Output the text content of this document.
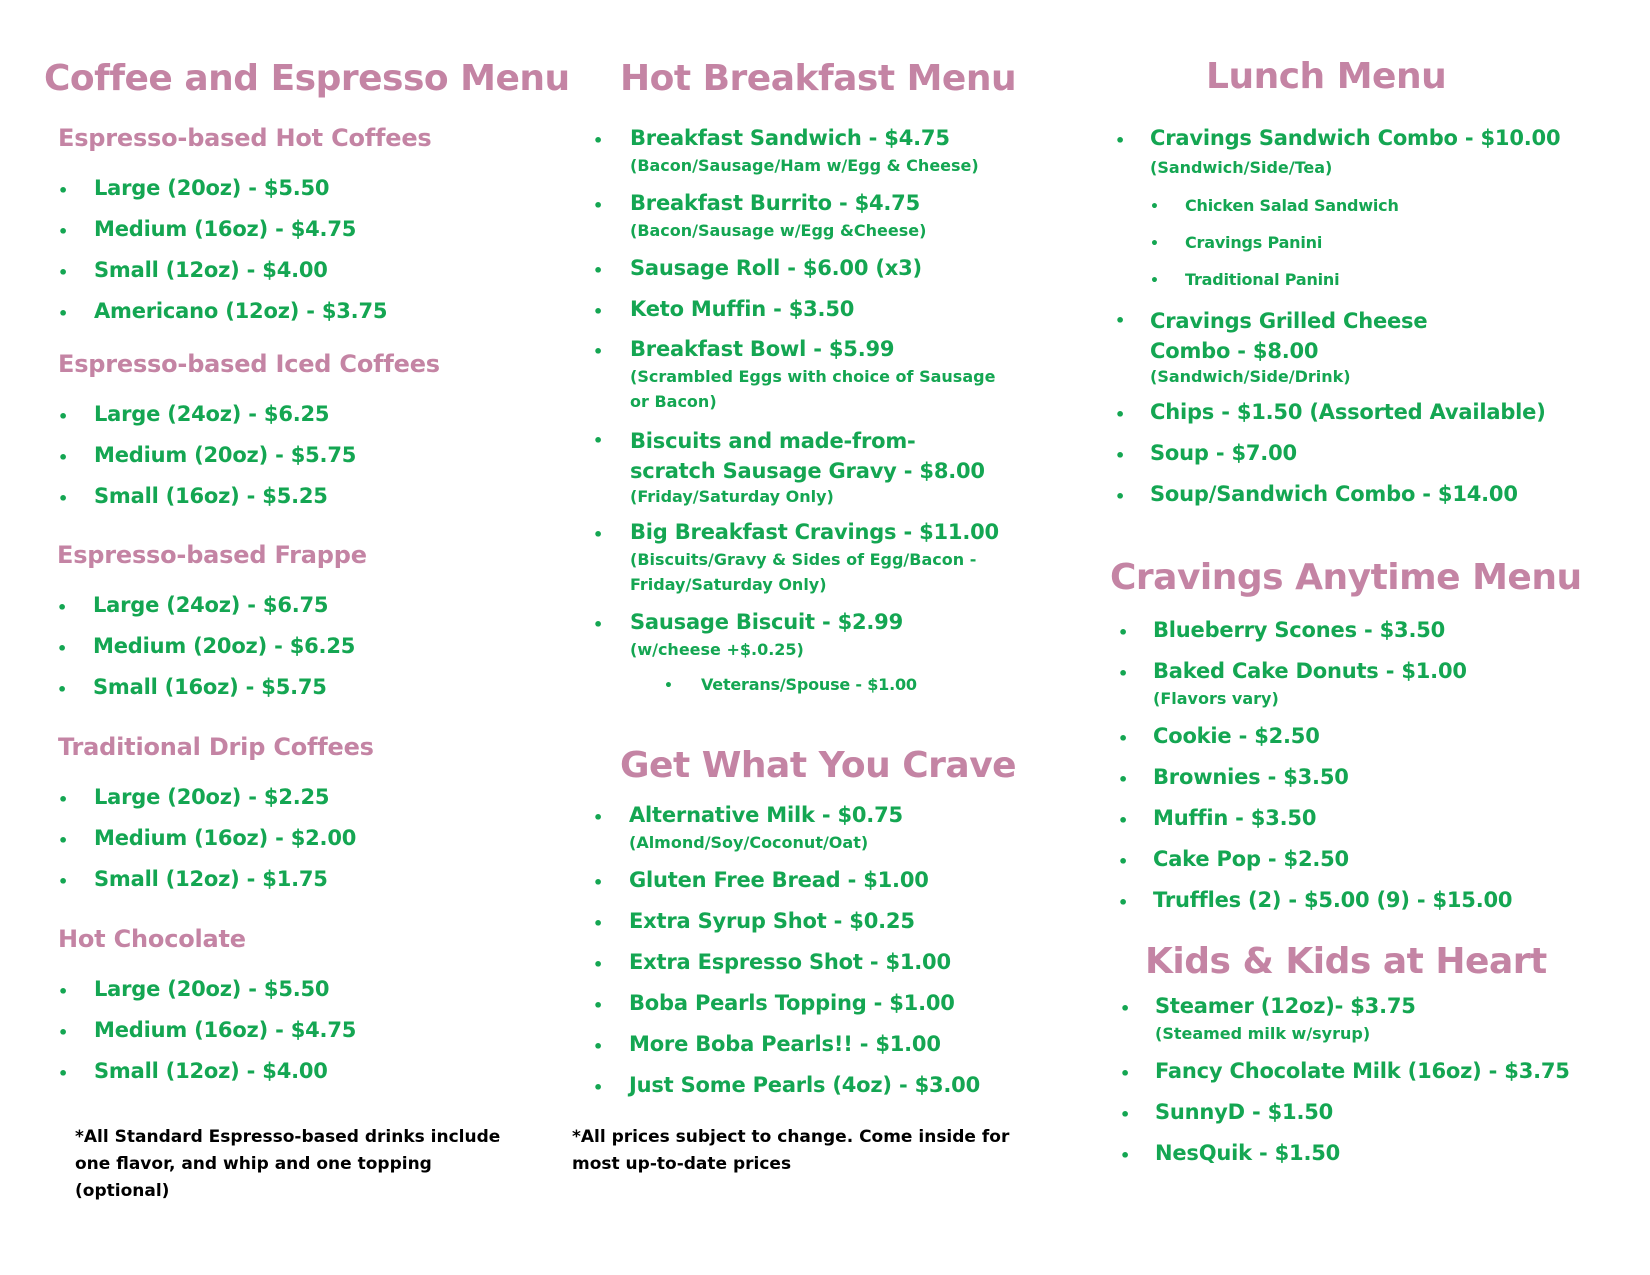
Coffee and Espresso Menu
Espresso-based Hot Coffees
• Large (20oz) - $5.50
• Medium (16oz) - $4.75
• Small (12oz) - $4.00
• Americano (12oz) - $3.75
Espresso-based Iced Coffees
• Large (24oz) - $6.25
• Medium (20oz) - $5.75
• Small (16oz) - $5.25
Espresso-based Frappe
• Large (24oz) - $6.75
• Medium (20oz) - $6.25
• Small (16oz) - $5.75
Traditional Drip Coffees
• Large (20oz) - $2.25
• Medium (16oz) - $2.00
• Small (12oz) - $1.75
Hot Chocolate
• Large (20oz) - $5.50
• Medium (16oz) - $4.75
• Small (12oz) - $4.00
*All Standard Espresso-based drinks include one flavor, and whip and one topping (optional)
Hot Breakfast Menu
• Breakfast Sandwich - $4.75
(Bacon/Sausage/Ham w/Egg & Cheese)
• Breakfast Burrito - $4.75
(Bacon/Sausage w/Egg &Cheese)
• Sausage Roll - $6.00 (x3)
• Keto Muffin - $3.50
• Breakfast Bowl - $5.99
(Scrambled Eggs with choice of Sausage or Bacon)
• Biscuits and made-from-scratch Sausage Gravy - $8.00
(Friday/Saturday Only)
• Big Breakfast Cravings - $11.00
(Biscuits/Gravy & Sides of Egg/Bacon - Friday/Saturday Only)
• Sausage Biscuit - $2.99
(w/cheese +$.0.25)
• Veterans/Spouse - $1.00
Get What You Crave
• Alternative Milk - $0.75
(Almond/Soy/Coconut/Oat)
• Gluten Free Bread - $1.00
• Extra Syrup Shot - $0.25
• Extra Espresso Shot - $1.00
• Boba Pearls Topping - $1.00
• More Boba Pearls!! - $1.00
• Just Some Pearls (4oz) - $3.00
*All prices subject to change. Come inside for most up-to-date prices
Lunch Menu
• Cravings Sandwich Combo - $10.00
(Sandwich/Side/Tea)
• Chicken Salad Sandwich
• Cravings Panini
• Traditional Panini
• Cravings Grilled Cheese Combo - $8.00
(Sandwich/Side/Drink)
• Chips - $1.50 (Assorted Available)
• Soup - $7.00
• Soup/Sandwich Combo - $14.00
Cravings Anytime Menu
• Blueberry Scones - $3.50
• Baked Cake Donuts - $1.00
(Flavors vary)
• Cookie - $2.50
• Brownies - $3.50
• Muffin - $3.50
• Cake Pop - $2.50
• Truffles (2) - $5.00 (9) - $15.00
Kids & Kids at Heart
• Steamer (12oz)- $3.75
(Steamed milk w/syrup)
• Fancy Chocolate Milk (16oz) - $3.75
• SunnyD - $1.50
• NesQuik - $1.50
